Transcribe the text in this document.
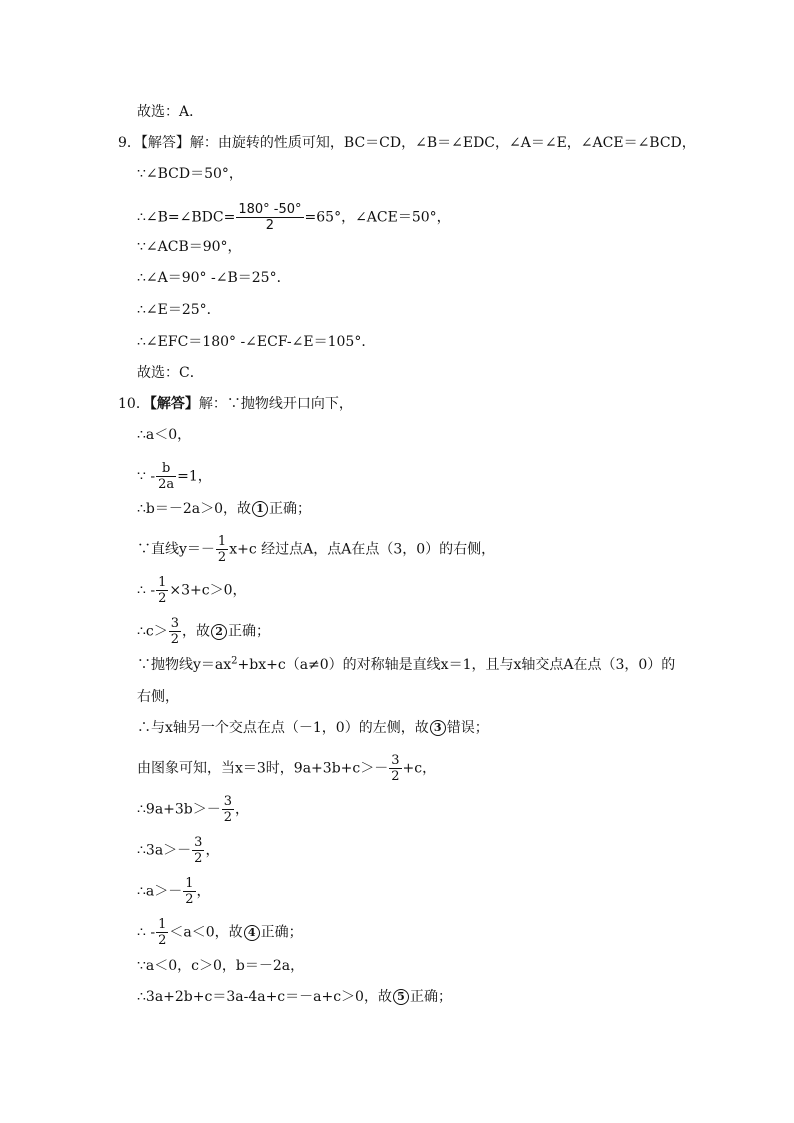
故选：A．
9．【解答】解：由旋转的性质可知，BC＝CD，∠B＝∠EDC，∠A＝∠E，∠ACE＝∠BCD，
∵∠BCD＝50°，
∴∠B=∠BDC= $\frac{180^\circ -50^\circ}{2} =65^\circ$，∠ACE＝50°，
∵∠ACB＝90°，
∴∠A＝90° -∠B＝25°．
∴∠E＝25°．
∴∠EFC＝180° -∠ECF-∠E＝105°．
故选：C．
10．【解答】解：∵抛物线开口向下，
∴a＜0，
∵ - $\frac{b}{2a} =1$，
∴b＝－2a＞0，故 1 正确；
∵直线$y=- \frac{1}{2} x+c$ 经过点A，点A在点（3，0）的右侧，
∴ - $\frac{1}{2} \times 3+c>0$，
∴c＞ $\frac{3}{2}$ ，故 2 正确；
∵抛物线$y=ax^2+bx+c(a\ne 0)$的对称轴是直线x＝1，且与x轴交点A在点（3，0）的
右侧，
∴与x轴另一个交点在点（－1，0）的左侧，故 3 错误；
由图象可知，当x＝3时，$9a+3b+c>- \frac{3}{2} +c$，
∴9a+3b＞－ $\frac{3}{2}$ ，
∴3a＞－ $\frac{3}{2}$ ，
∴a＞－ $\frac{1}{2}$ ，
∴ - $\frac{1}{2} <a<0$，故 4 正确；
∵a＜0，c＞0，b＝－2a，
∴3a+2b+c＝3a-4a+c＝－a+c＞0，故 5 正确；
